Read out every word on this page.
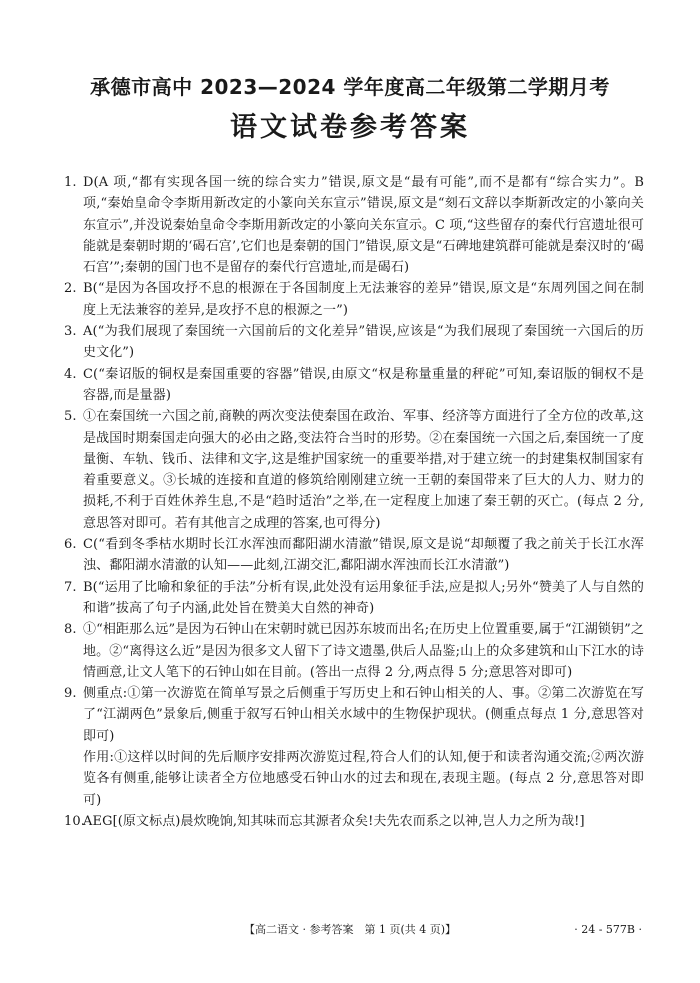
承德市高中 2023—2024 学年度高二年级第二学期月考
语文试卷参考答案
1. D(A 项,“都有实现各国一统的综合实力”错误,原文是“最有可能”,而不是都有“综合实力”。B 项,“秦始皇命令李斯用新改定的小篆向关东宣示”错误,原文是“刻石文辞以李斯新改定的小篆向关东宣示”,并没说秦始皇命令李斯用新改定的小篆向关东宣示。C 项,“这些留存的秦代行宫遗址很可能就是秦朝时期的‘碣石宫’,它们也是秦朝的国门”错误,原文是“石碑地建筑群可能就是秦汉时的‘碣石宫’”;秦朝的国门也不是留存的秦代行宫遗址,而是碣石)
2. B(“是因为各国攻抒不息的根源在于各国制度上无法兼容的差异”错误,原文是“东周列国之间在制度上无法兼容的差异,是攻抒不息的根源之一”)
3. A(“为我们展现了秦国统一六国前后的文化差异”错误,应该是“为我们展现了秦国统一六国后的历史文化”)
4. C(“秦诏版的铜权是秦国重要的容器”错误,由原文“权是称量重量的秤砣”可知,秦诏版的铜权不是容器,而是量器)
5. ①在秦国统一六国之前,商鞅的两次变法使秦国在政治、军事、经济等方面进行了全方位的改革,这是战国时期秦国走向强大的必由之路,变法符合当时的形势。②在秦国统一六国之后,秦国统一了度量衡、车轨、钱币、法律和文字,这是维护国家统一的重要举措,对于建立统一的封建集权制国家有着重要意义。③长城的连接和直道的修筑给刚刚建立统一王朝的秦国带来了巨大的人力、财力的损耗,不利于百姓休养生息,不是“趋时适治”之举,在一定程度上加速了秦王朝的灭亡。(每点 2 分,意思答对即可。若有其他言之成理的答案,也可得分)
6. C(“看到冬季枯水期时长江水浑浊而鄱阳湖水清澈”错误,原文是说“却颠覆了我之前关于长江水浑浊、鄱阳湖水清澈的认知——此刻,江湖交汇,鄱阳湖水浑浊而长江水清澈”)
7. B(“运用了比喻和象征的手法”分析有误,此处没有运用象征手法,应是拟人;另外“赞美了人与自然的和谐”拔高了句子内涵,此处旨在赞美大自然的神奇)
8. ①“相距那么远”是因为石钟山在宋朝时就已因苏东坡而出名;在历史上位置重要,属于“江湖锁钥”之地。②“离得这么近”是因为很多文人留下了诗文遗墨,供后人品鉴;山上的众多建筑和山下江水的诗情画意,让文人笔下的石钟山如在目前。(答出一点得 2 分,两点得 5 分;意思答对即可)
9. 侧重点:①第一次游览在简单写景之后侧重于写历史上和石钟山相关的人、事。②第二次游览在写了“江湖两色”景象后,侧重于叙写石钟山相关水域中的生物保护现状。(侧重点每点 1 分,意思答对即可)
作用:①这样以时间的先后顺序安排两次游览过程,符合人们的认知,便于和读者沟通交流;②两次游览各有侧重,能够让读者全方位地感受石钟山水的过去和现在,表现主题。(每点 2 分,意思答对即可)
10.
AEG[(原文标点)晨炊晚饷,知其味而忘其源者众矣!夫先农而系之以神,岂人力之所为哉!]
【高二语文 · 参考答案　第 1 页(共 4 页)】	· 24 - 577B ·
